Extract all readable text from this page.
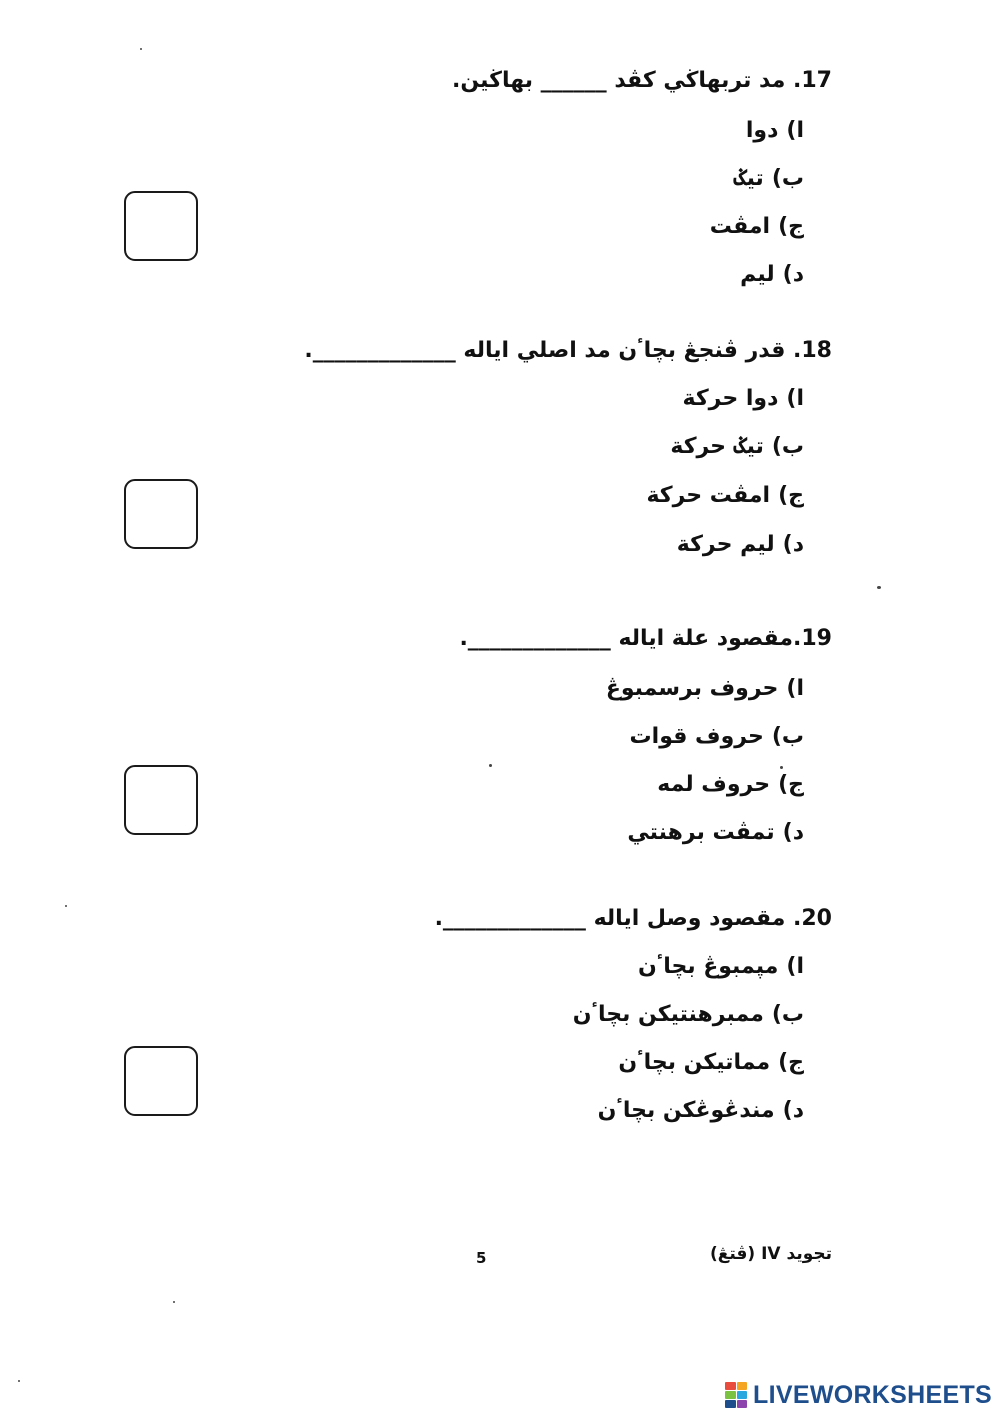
17. مد تربهاڬي كڤد ______ بهاڬين.
ا)دوا
ب)تيݢ
ج)امڤت
د)ليم
18. قدر ڤنجڠ بچاٴن مد اصلي اياله _____________.
ا)دوا حركة
ب)تيݢ حركة
ج)امڤت حركة
د)ليم حركة
19.مقصود علة اياله _____________.
ا)حروف برسمبوڠ
ب)حروف قوات
ج)حروف لمه
د)تمڤت برهنتي
20. مقصود وصل اياله _____________.
ا)مپمبوڠ بچاٴن
ب)ممبرهنتيكن بچاٴن
ج)مماتيكن بچاٴن
د)مندڠوڠكن بچاٴن
5	تجويد IV (ڤتڠ)
LIVEWORKSHEETS
